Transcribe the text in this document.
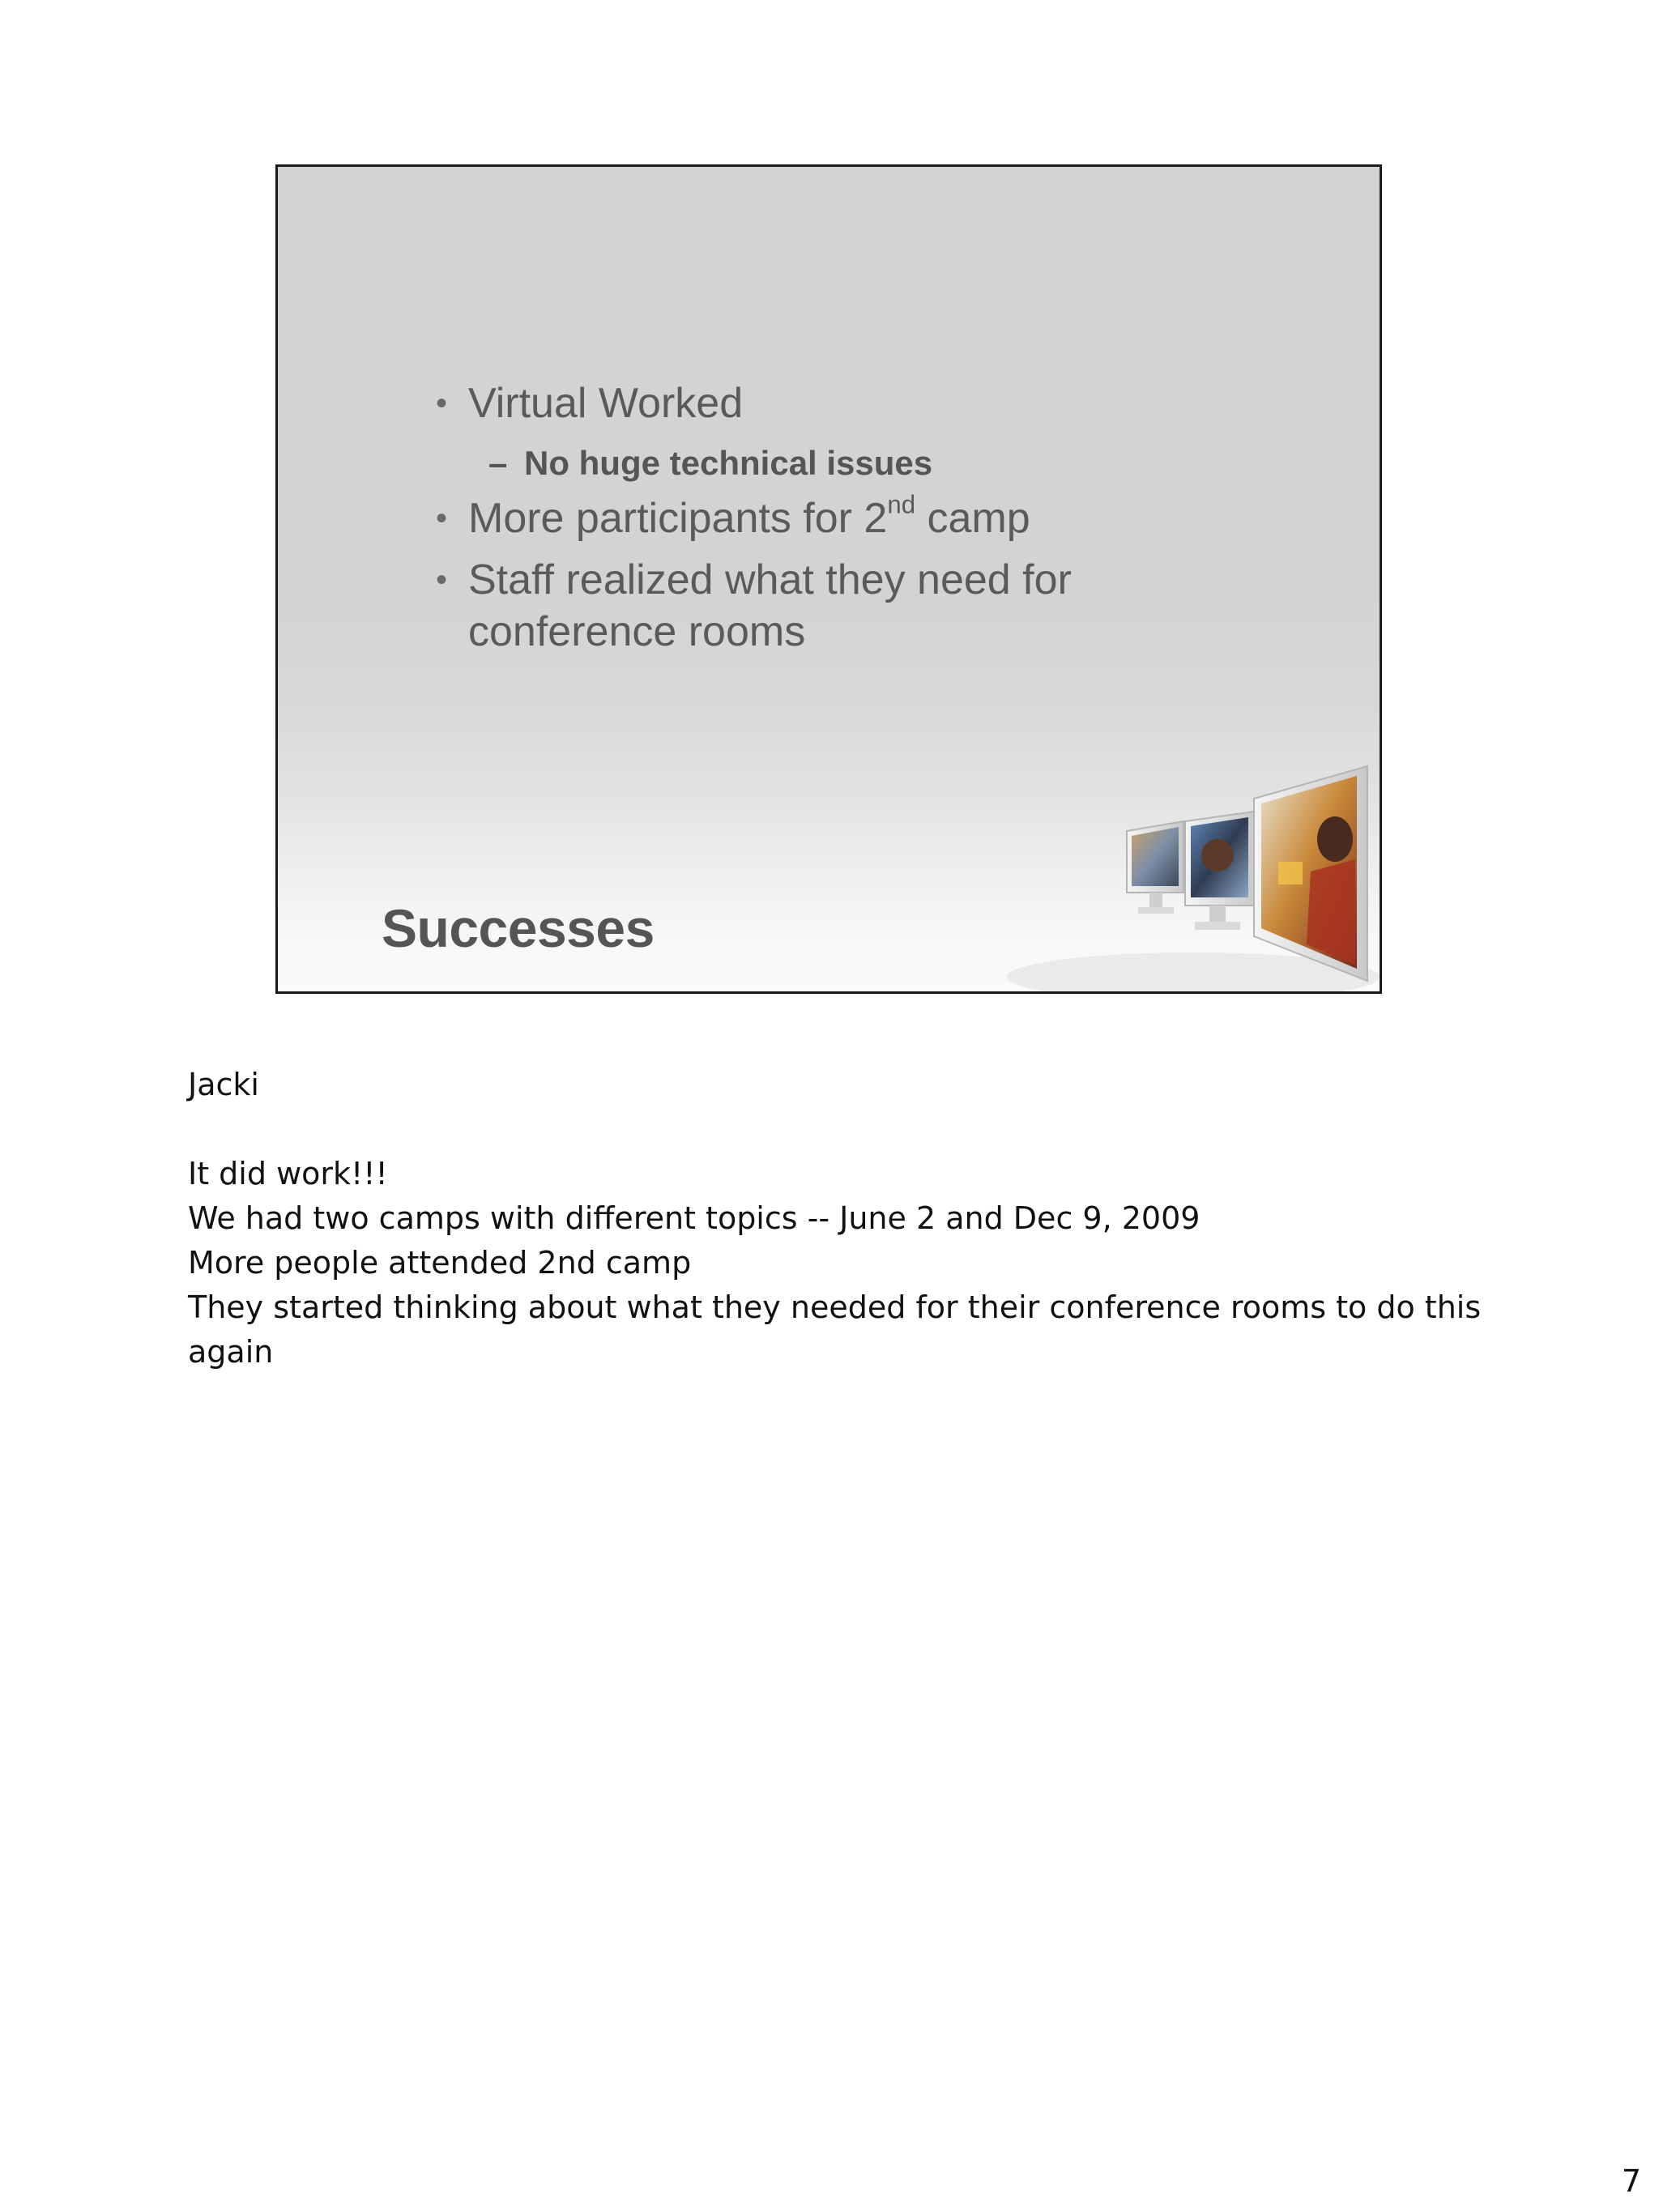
• Virtual Worked
– No huge technical issues
• More participants for 2nd camp
• Staff realized what they need for
conference rooms
Successes
Jacki
It did work!!!
We had two camps with different topics -- June 2 and Dec 9, 2009
More people attended 2nd camp
They started thinking about what they needed for their conference rooms to do this
again
7
